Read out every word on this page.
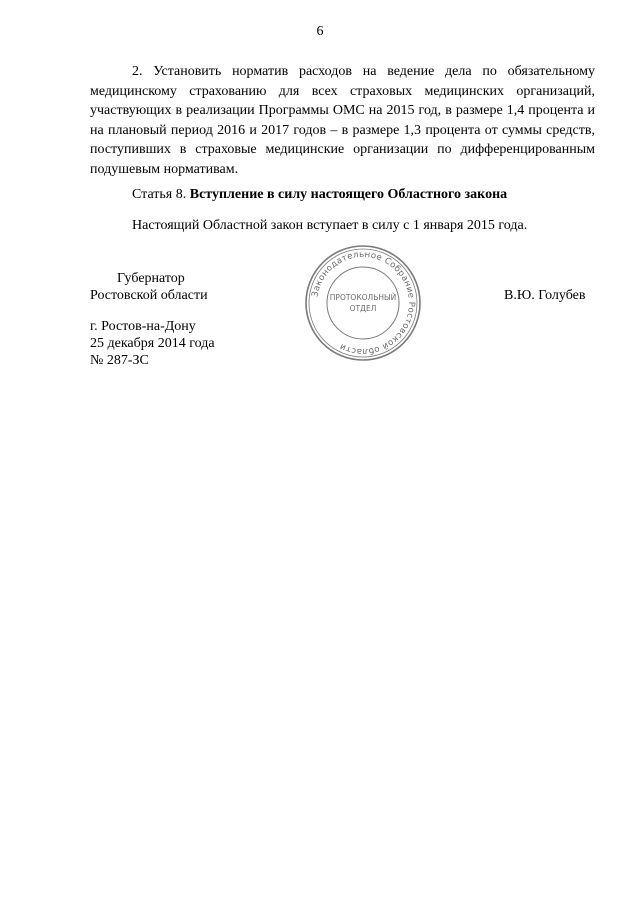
6

2. Установить норматив расходов на ведение дела по обязательному медицинскому страхованию для всех страховых медицинских организаций, участвующих в реализации Программы ОМС на 2015 год, в размере 1,4 процента и на плановый период 2016 и 2017 годов – в размере 1,3 процента от суммы средств, поступивших в страховые медицинские организации по дифференцированным подушевым нормативам.

Статья 8. Вступление в силу настоящего Областного закона

Настоящий Областной закон вступает в силу с 1 января 2015 года.

Губернатор
Ростовской области	В.Ю. Голубев
Законодательное Собрание Ростовской области
ПРОТОКОЛЬНЫЙ
ОТДЕЛ
г. Ростов-на-Дону
25 декабря 2014 года
№ 287-ЗС
